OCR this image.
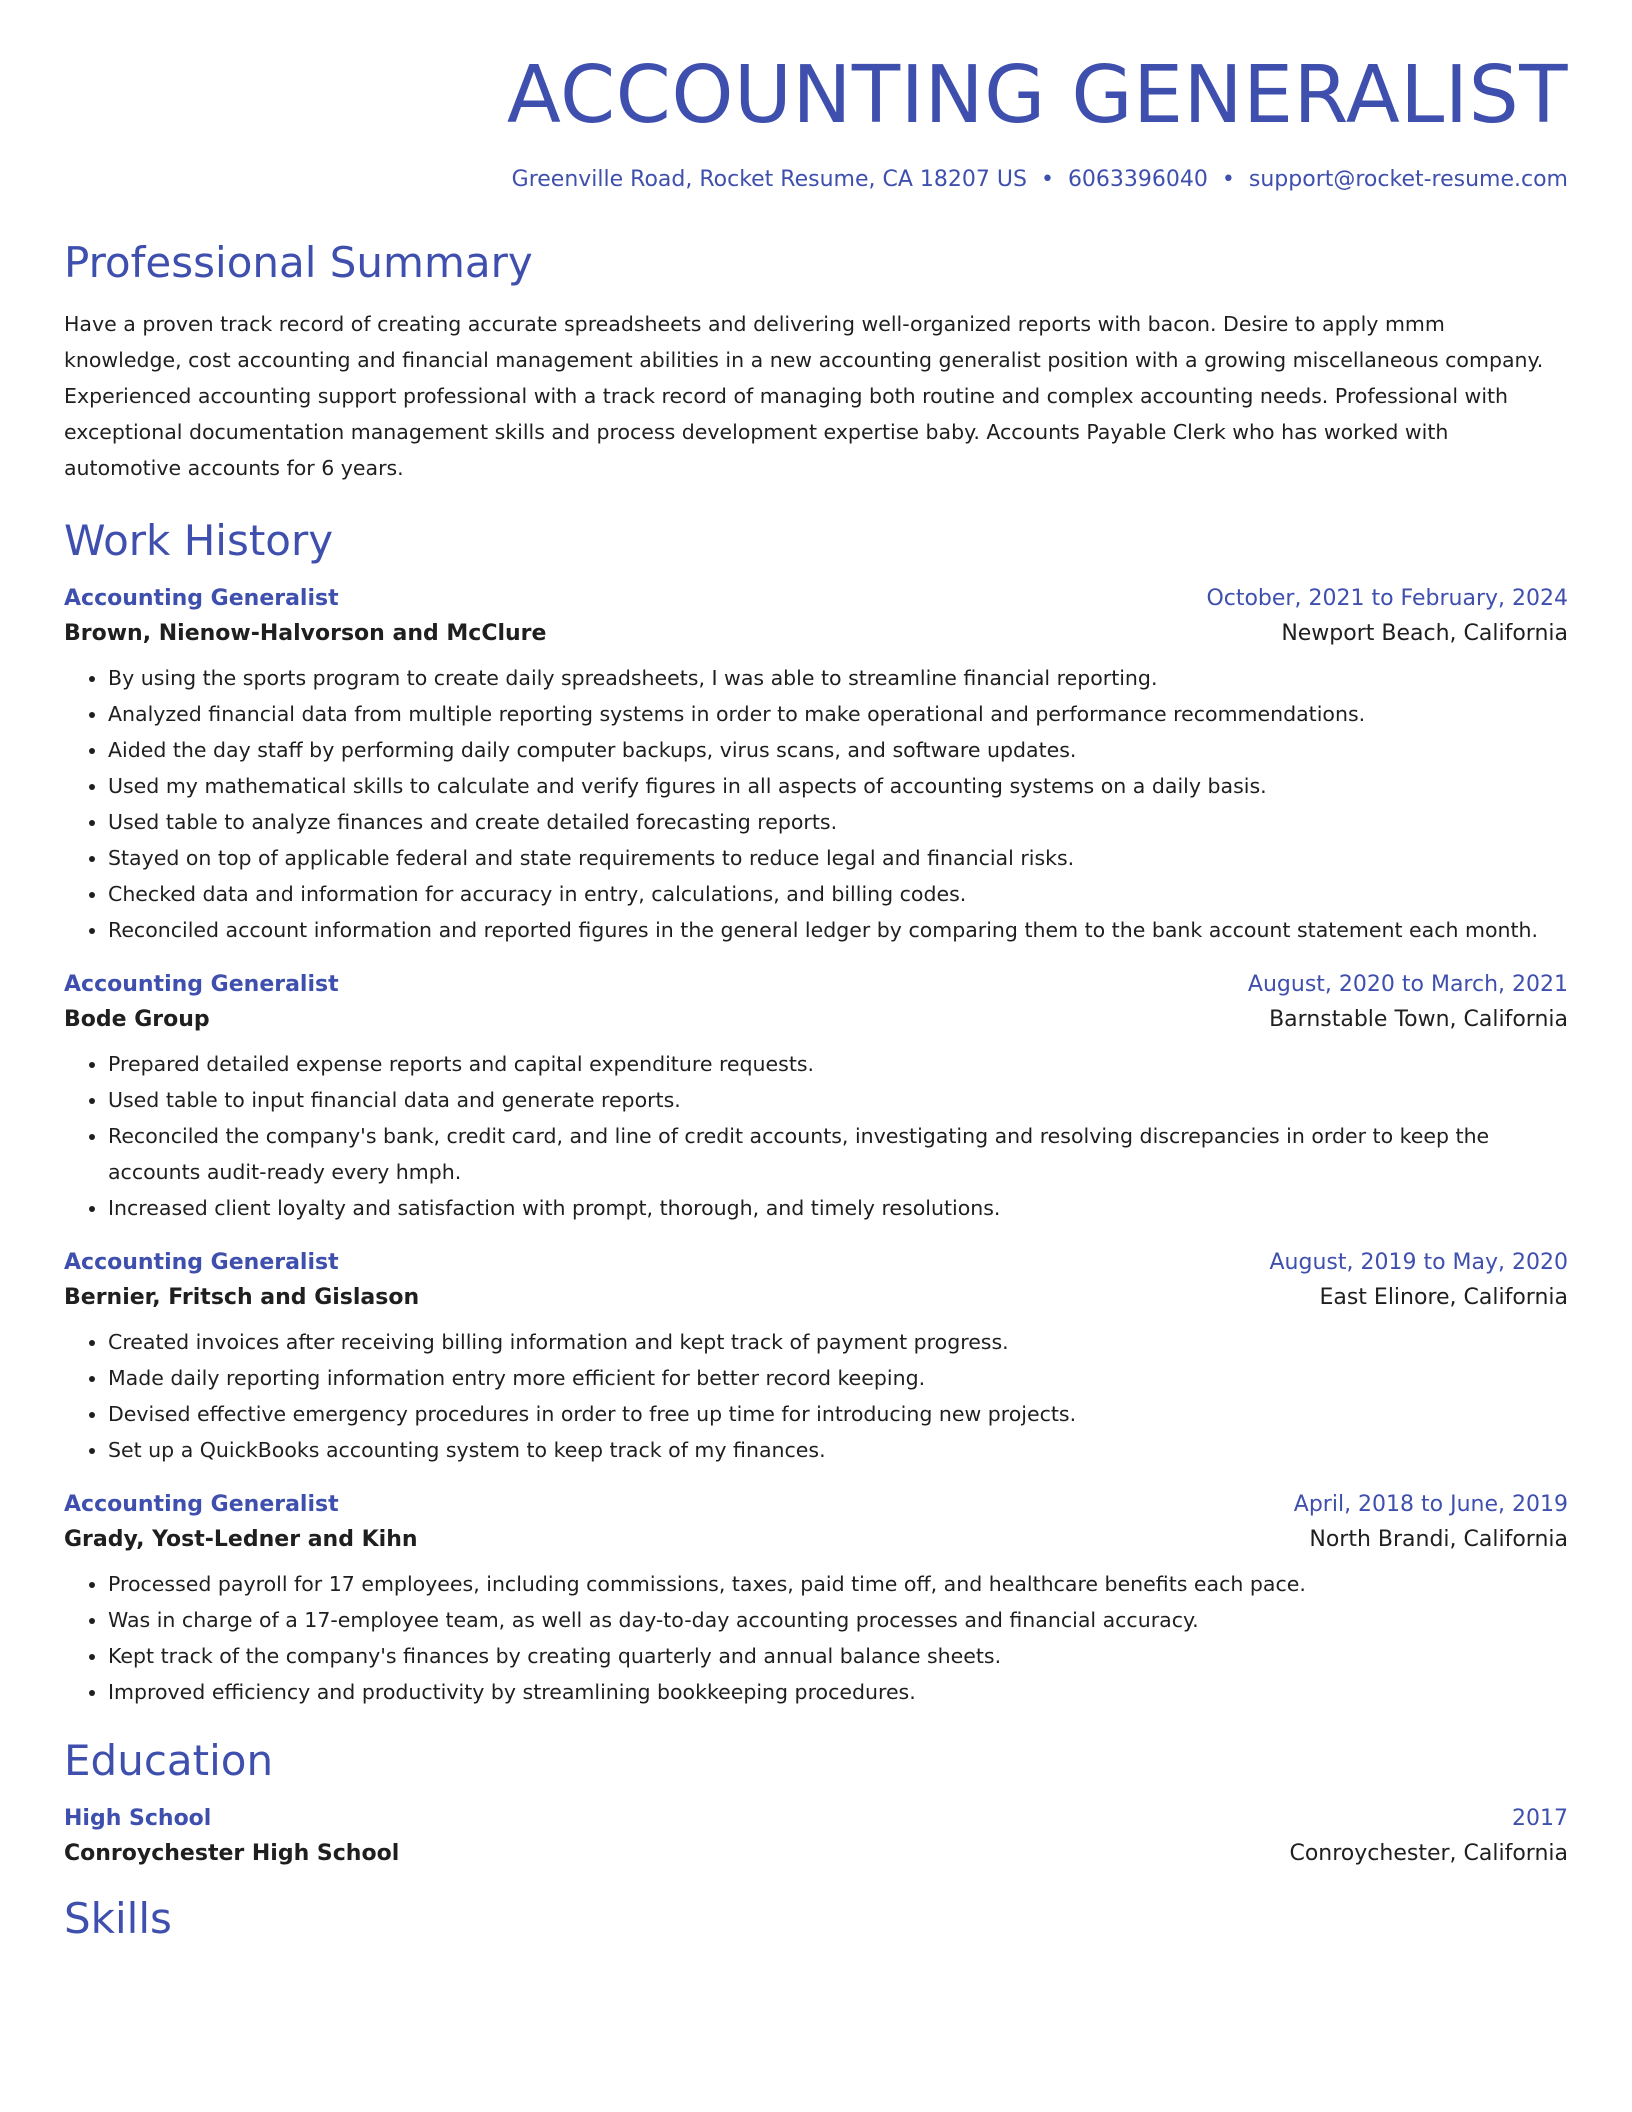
ACCOUNTING GENERALIST
Greenville Road, Rocket Resume, CA 18207 US • 6063396040 • support@rocket-resume.com
Professional Summary
Have a proven track record of creating accurate spreadsheets and delivering well-organized reports with bacon. Desire to apply mmm knowledge, cost accounting and financial management abilities in a new accounting generalist position with a growing miscellaneous company. Experienced accounting support professional with a track record of managing both routine and complex accounting needs. Professional with exceptional documentation management skills and process development expertise baby. Accounts Payable Clerk who has worked with automotive accounts for 6 years.
Work History
Accounting Generalist	October, 2021 to February, 2024
Brown, Nienow-Halvorson and McClure	Newport Beach, California
• By using the sports program to create daily spreadsheets, I was able to streamline financial reporting.
• Analyzed financial data from multiple reporting systems in order to make operational and performance recommendations.
• Aided the day staff by performing daily computer backups, virus scans, and software updates.
• Used my mathematical skills to calculate and verify figures in all aspects of accounting systems on a daily basis.
• Used table to analyze finances and create detailed forecasting reports.
• Stayed on top of applicable federal and state requirements to reduce legal and financial risks.
• Checked data and information for accuracy in entry, calculations, and billing codes.
• Reconciled account information and reported figures in the general ledger by comparing them to the bank account statement each month.
Accounting Generalist	August, 2020 to March, 2021
Bode Group	Barnstable Town, California
• Prepared detailed expense reports and capital expenditure requests.
• Used table to input financial data and generate reports.
• Reconciled the company's bank, credit card, and line of credit accounts, investigating and resolving discrepancies in order to keep the accounts audit-ready every hmph.
• Increased client loyalty and satisfaction with prompt, thorough, and timely resolutions.
Accounting Generalist	August, 2019 to May, 2020
Bernier, Fritsch and Gislason	East Elinore, California
• Created invoices after receiving billing information and kept track of payment progress.
• Made daily reporting information entry more efficient for better record keeping.
• Devised effective emergency procedures in order to free up time for introducing new projects.
• Set up a QuickBooks accounting system to keep track of my finances.
Accounting Generalist	April, 2018 to June, 2019
Grady, Yost-Ledner and Kihn	North Brandi, California
• Processed payroll for 17 employees, including commissions, taxes, paid time off, and healthcare benefits each pace.
• Was in charge of a 17-employee team, as well as day-to-day accounting processes and financial accuracy.
• Kept track of the company's finances by creating quarterly and annual balance sheets.
• Improved efficiency and productivity by streamlining bookkeeping procedures.
Education
High School	2017
Conroychester High School	Conroychester, California
Skills
